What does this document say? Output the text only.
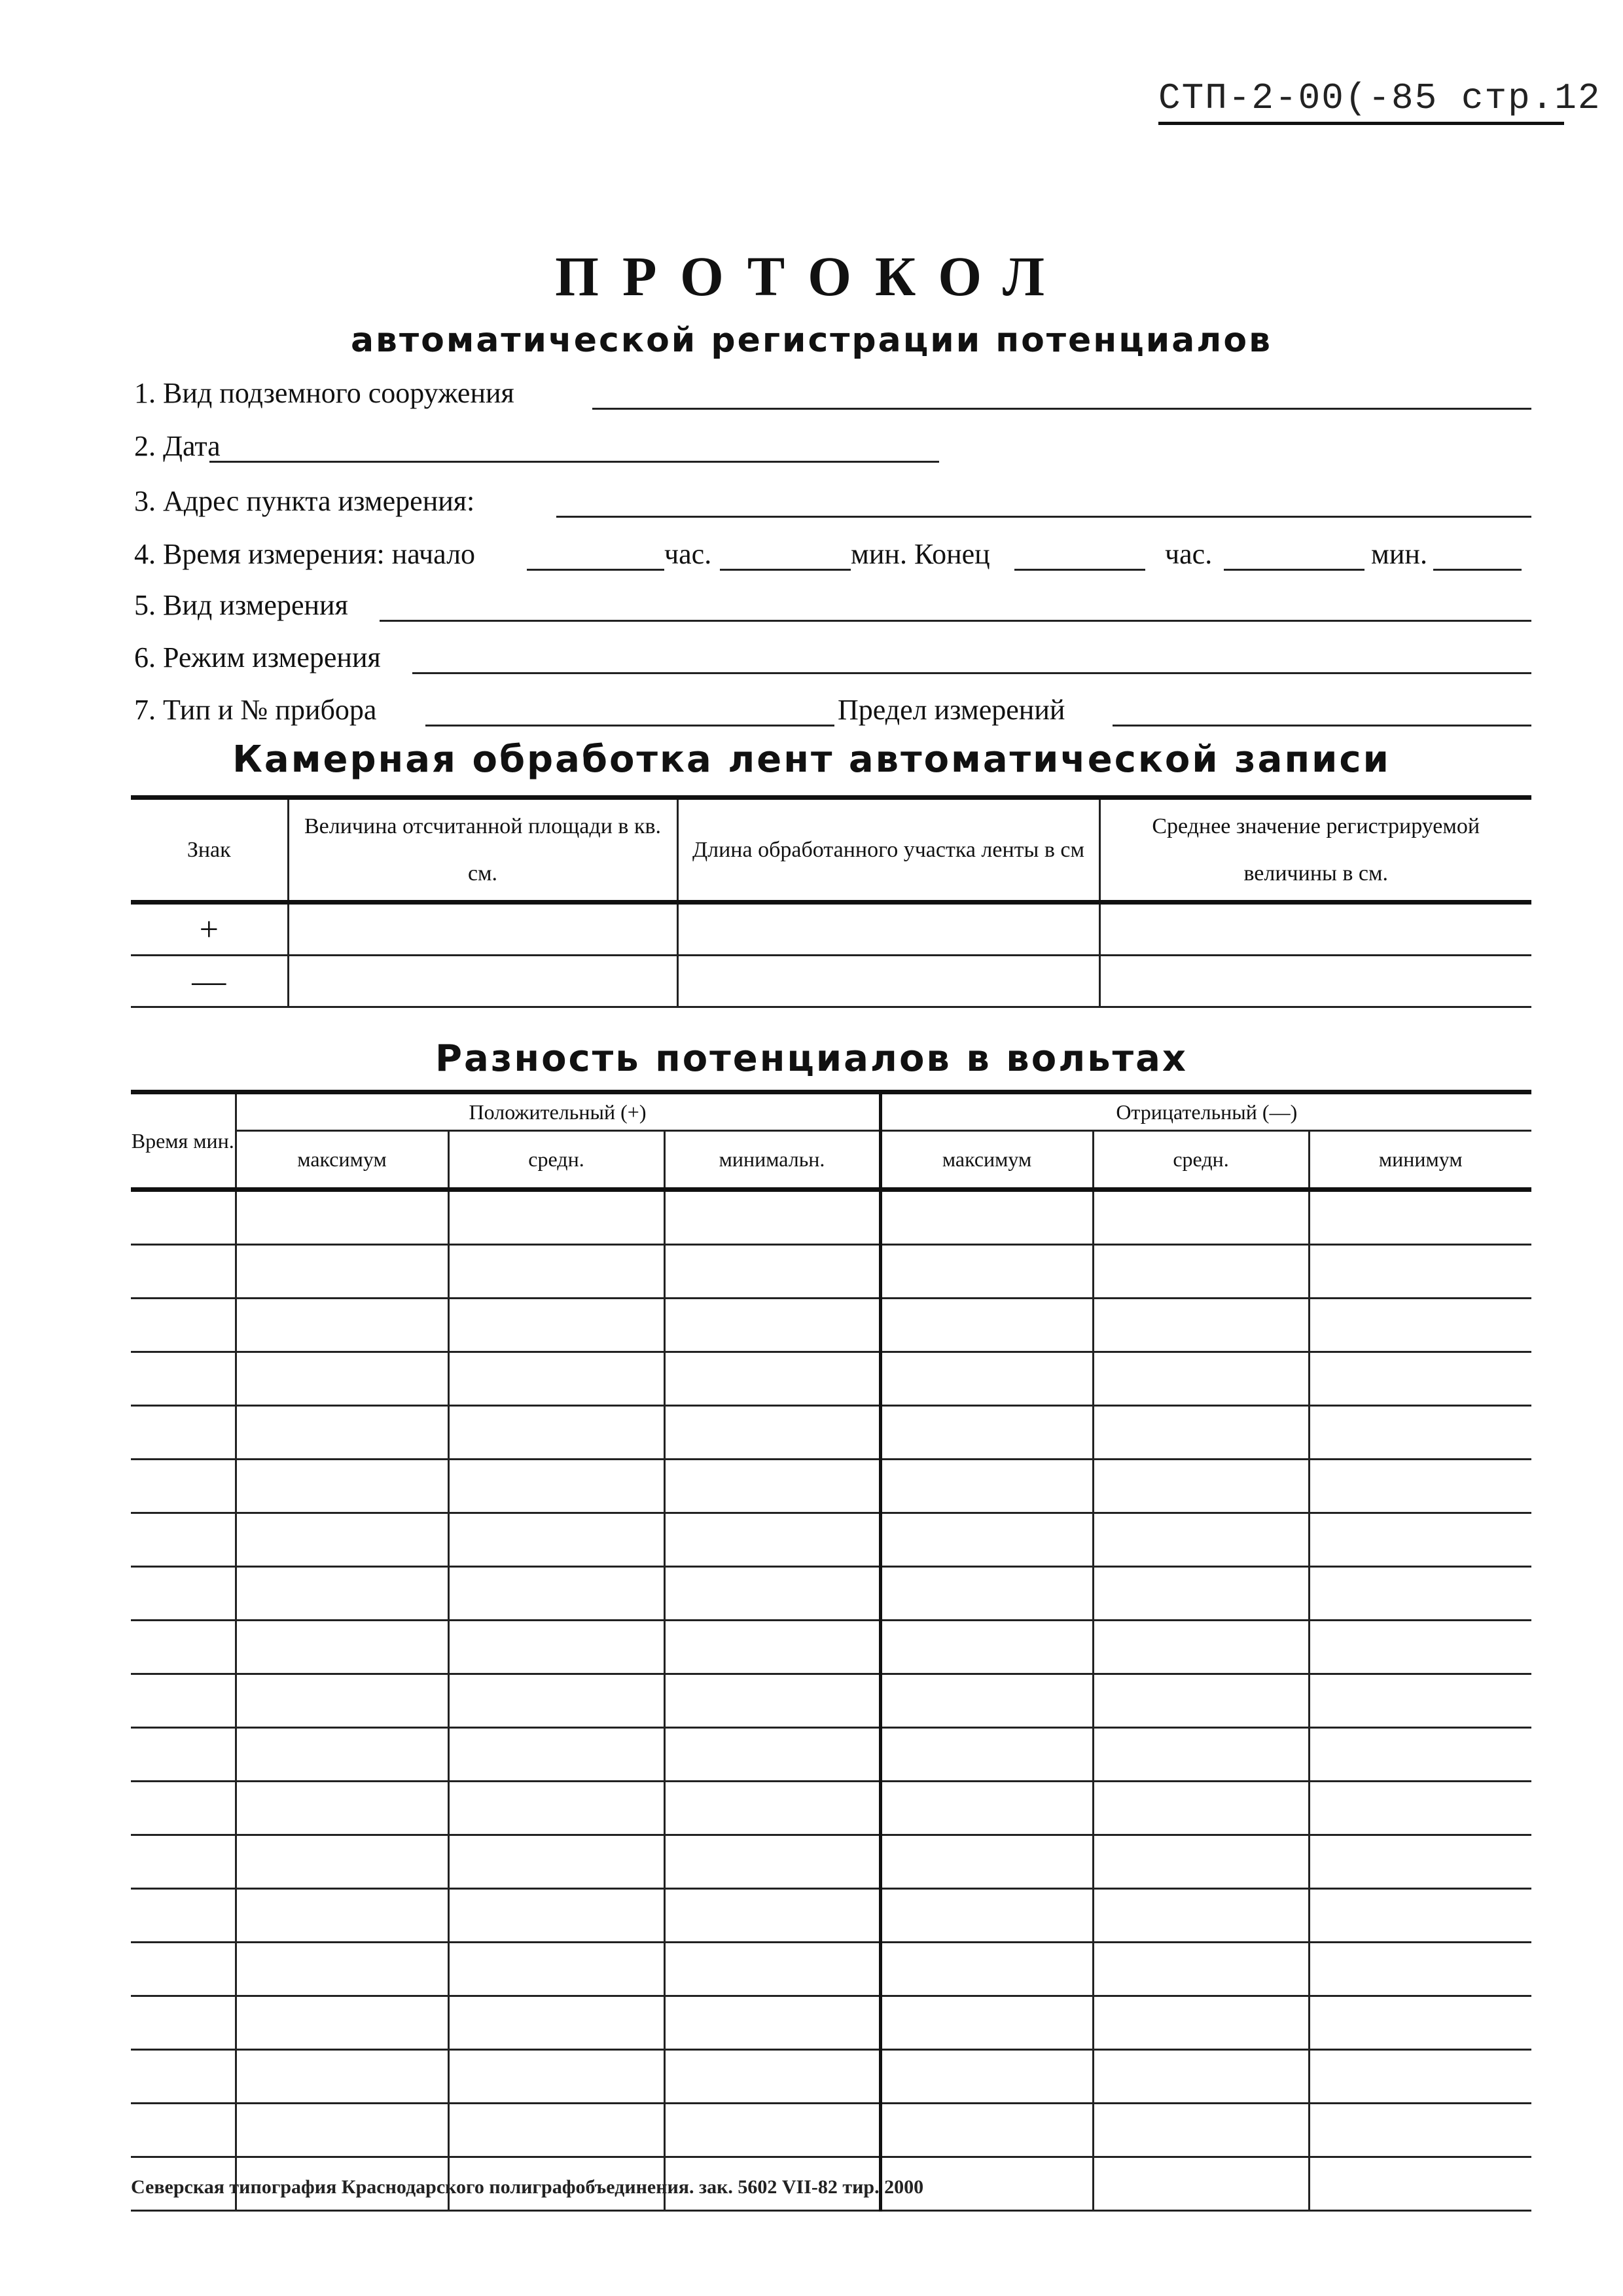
СТП-2-00(-85 стр.12
ПРОТОКОЛ
автоматической регистрации потенциалов
1. Вид подземного сооружения
2. Дата
3. Адрес пункта измерения:
4. Время измерения: начало	час.	мин. Конец	час.	мин.
5. Вид измерения
6. Режим измерения
7. Тип и № прибора	Предел измерений
Камерная обработка лент автоматической записи
Знак	Величина отсчитанной площади в кв. см.	Длина обработанного участка ленты в см	Среднее значение регистрируемой величины в см.
+			
—			
Разность потенциалов в вольтах
Время мин.	Положительный (+)			Отрицательный (—)		
	максимум	средн.	минимальн.	максимум	средн.	минимум

Северская типография Краснодарского полиграфобъединения. зак. 5602 VII-82 тир. 2000
